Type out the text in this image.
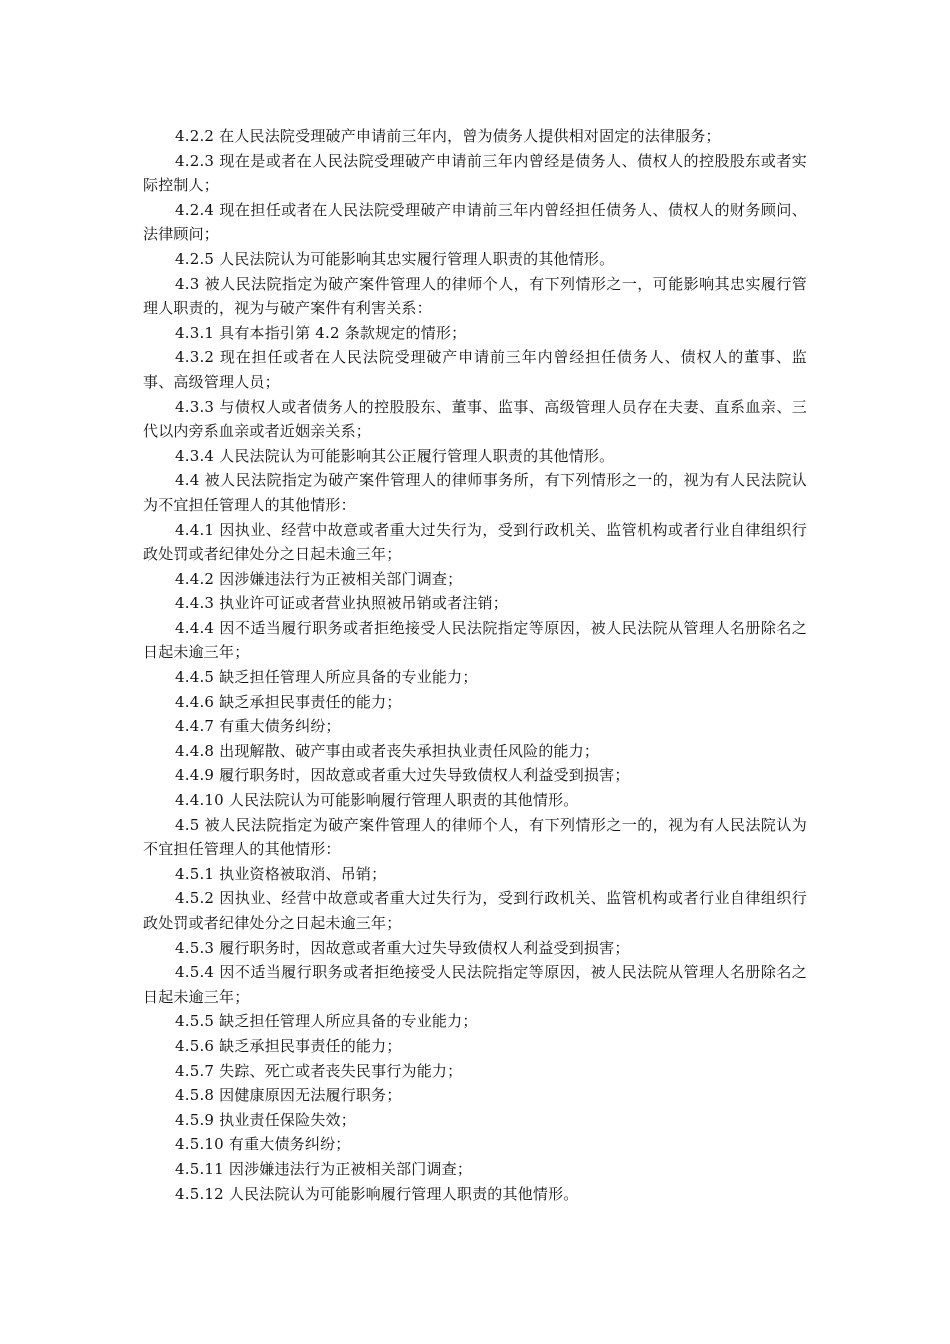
4.2.2 在人民法院受理破产申请前三年内，曾为债务人提供相对固定的法律服务；

4.2.3 现在是或者在人民法院受理破产申请前三年内曾经是债务人、债权人的控股股东或者实际控制人；

4.2.4 现在担任或者在人民法院受理破产申请前三年内曾经担任债务人、债权人的财务顾问、法律顾问；

4.2.5 人民法院认为可能影响其忠实履行管理人职责的其他情形。

4.3 被人民法院指定为破产案件管理人的律师个人，有下列情形之一，可能影响其忠实履行管理人职责的，视为与破产案件有利害关系：

4.3.1 具有本指引第 4.2 条款规定的情形；

4.3.2 现在担任或者在人民法院受理破产申请前三年内曾经担任债务人、债权人的董事、监事、高级管理人员；

4.3.3 与债权人或者债务人的控股股东、董事、监事、高级管理人员存在夫妻、直系血亲、三代以内旁系血亲或者近姻亲关系；

4.3.4 人民法院认为可能影响其公正履行管理人职责的其他情形。

4.4 被人民法院指定为破产案件管理人的律师事务所，有下列情形之一的，视为有人民法院认为不宜担任管理人的其他情形：

4.4.1 因执业、经营中故意或者重大过失行为，受到行政机关、监管机构或者行业自律组织行政处罚或者纪律处分之日起未逾三年；

4.4.2 因涉嫌违法行为正被相关部门调查；

4.4.3 执业许可证或者营业执照被吊销或者注销；

4.4.4 因不适当履行职务或者拒绝接受人民法院指定等原因，被人民法院从管理人名册除名之日起未逾三年；

4.4.5 缺乏担任管理人所应具备的专业能力；

4.4.6 缺乏承担民事责任的能力；

4.4.7 有重大债务纠纷；

4.4.8 出现解散、破产事由或者丧失承担执业责任风险的能力；

4.4.9 履行职务时，因故意或者重大过失导致债权人利益受到损害；

4.4.10 人民法院认为可能影响履行管理人职责的其他情形。

4.5 被人民法院指定为破产案件管理人的律师个人，有下列情形之一的，视为有人民法院认为不宜担任管理人的其他情形：

4.5.1 执业资格被取消、吊销；

4.5.2 因执业、经营中故意或者重大过失行为，受到行政机关、监管机构或者行业自律组织行政处罚或者纪律处分之日起未逾三年；

4.5.3 履行职务时，因故意或者重大过失导致债权人利益受到损害；

4.5.4 因不适当履行职务或者拒绝接受人民法院指定等原因，被人民法院从管理人名册除名之日起未逾三年；

4.5.5 缺乏担任管理人所应具备的专业能力；

4.5.6 缺乏承担民事责任的能力；

4.5.7 失踪、死亡或者丧失民事行为能力；

4.5.8 因健康原因无法履行职务；

4.5.9 执业责任保险失效；

4.5.10 有重大债务纠纷；

4.5.11 因涉嫌违法行为正被相关部门调查；

4.5.12 人民法院认为可能影响履行管理人职责的其他情形。
